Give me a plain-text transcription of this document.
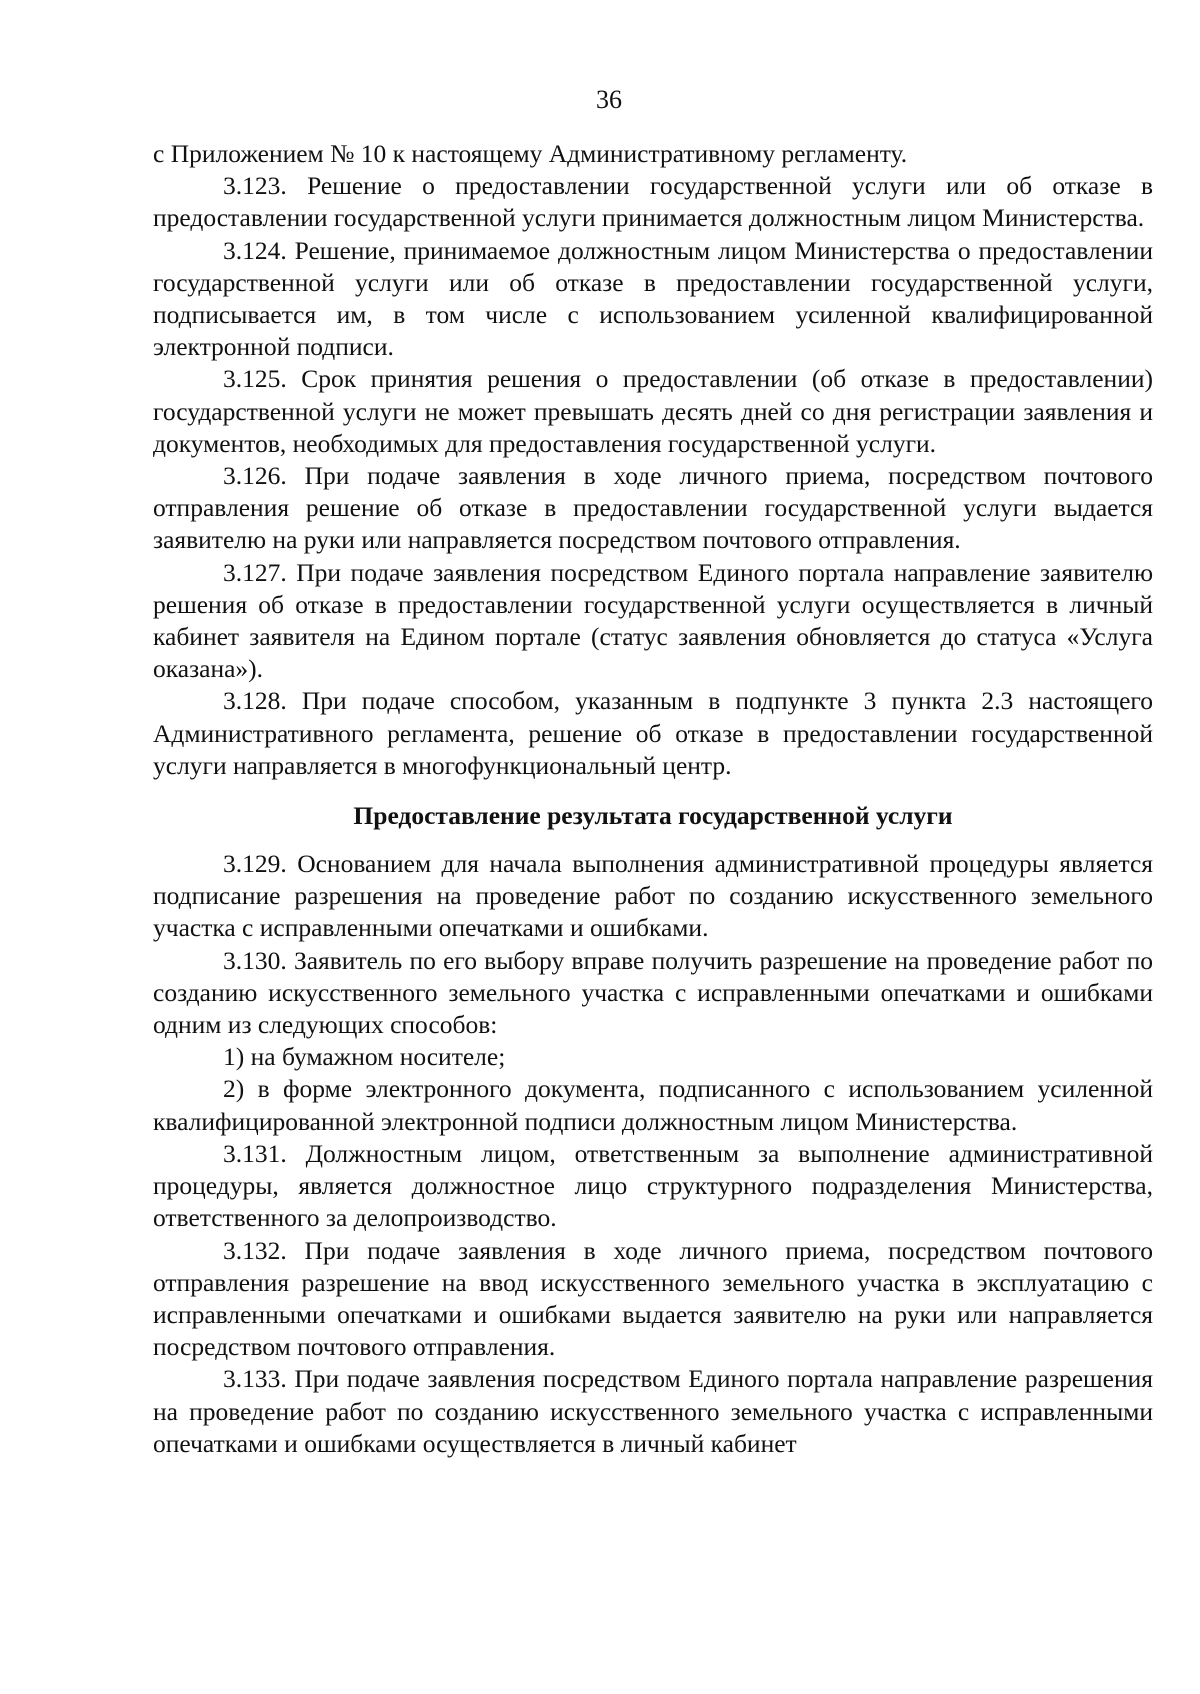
36

с Приложением № 10 к настоящему Административному регламенту.

3.123. Решение о предоставлении государственной услуги или об отказе в предоставлении государственной услуги принимается должностным лицом Министерства.

3.124. Решение, принимаемое должностным лицом Министерства о предоставлении государственной услуги или об отказе в предоставлении государственной услуги, подписывается им, в том числе с использованием усиленной квалифицированной электронной подписи.

3.125. Срок принятия решения о предоставлении (об отказе в предоставлении) государственной услуги не может превышать десять дней со дня регистрации заявления и документов, необходимых для предоставления государственной услуги.

3.126. При подаче заявления в ходе личного приема, посредством почтового отправления решение об отказе в предоставлении государственной услуги выдается заявителю на руки или направляется посредством почтового отправления.

3.127. При подаче заявления посредством Единого портала направление заявителю решения об отказе в предоставлении государственной услуги осуществляется в личный кабинет заявителя на Едином портале (статус заявления обновляется до статуса «Услуга оказана»).

3.128. При подаче способом, указанным в подпункте 3 пункта 2.3 настоящего Административного регламента, решение об отказе в предоставлении государственной услуги направляется в многофункциональный центр.

Предоставление результата государственной услуги

3.129. Основанием для начала выполнения административной процедуры является подписание разрешения на проведение работ по созданию искусственного земельного участка с исправленными опечатками и ошибками.

3.130. Заявитель по его выбору вправе получить разрешение на проведение работ по созданию искусственного земельного участка с исправленными опечатками и ошибками одним из следующих способов:

1) на бумажном носителе;

2) в форме электронного документа, подписанного с использованием усиленной квалифицированной электронной подписи должностным лицом Министерства.

3.131. Должностным лицом, ответственным за выполнение административной процедуры, является должностное лицо структурного подразделения Министерства, ответственного за делопроизводство.

3.132. При подаче заявления в ходе личного приема, посредством почтового отправления разрешение на ввод искусственного земельного участка в эксплуатацию с исправленными опечатками и ошибками выдается заявителю на руки или направляется посредством почтового отправления.

3.133. При подаче заявления посредством Единого портала направление разрешения на проведение работ по созданию искусственного земельного участка с исправленными опечатками и ошибками осуществляется в личный кабинет
